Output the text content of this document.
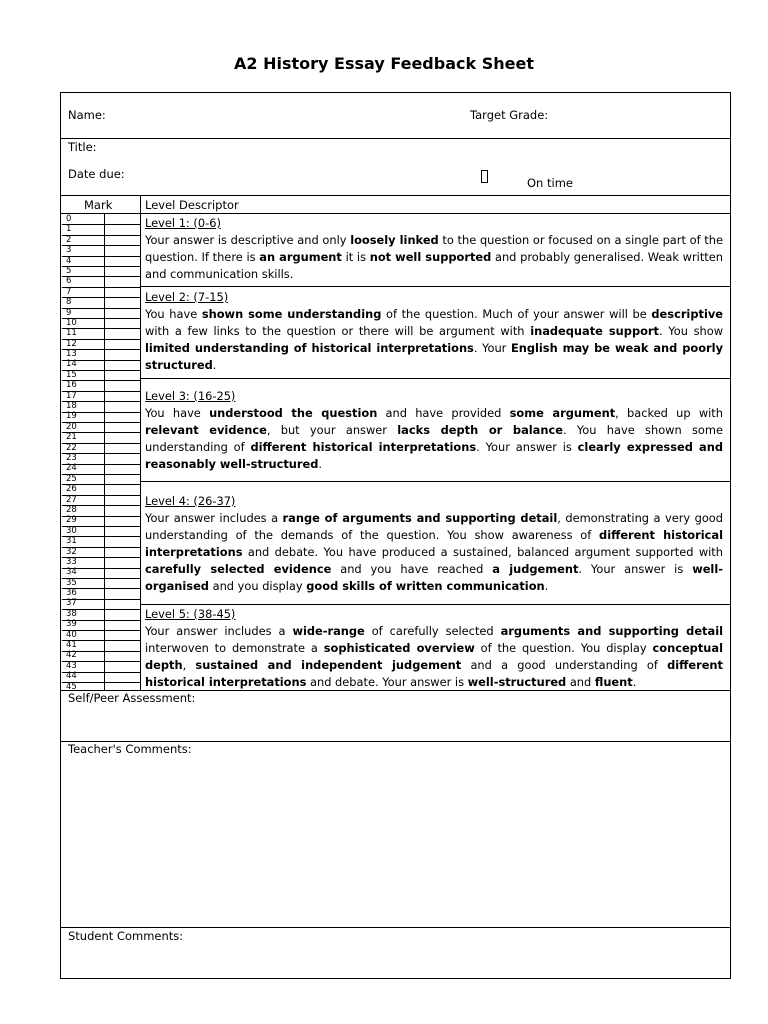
A2 History Essay Feedback Sheet
Name:	Target Grade:
Title:
Date due:
On time
Mark	Level Descriptor
0
1
2
3
4
5
6
7
8
9
10
11
12
13
14
15
16
17
18
19
20
21
22
23
24
25
26
27
28
29
30
31
32
33
34
35
36
37
38
39
40
41
42
43
44
45
Level 1: (0-6)

Your answer is descriptive and only loosely linked to the question or focused on a single part of the question. If there is an argument it is not well supported and probably generalised. Weak written and communication skills.

Level 2: (7-15)

You have shown some understanding of the question. Much of your answer will be descriptive with a few links to the question or there will be argument with inadequate support. You show limited understanding of historical interpretations. Your English may be weak and poorly structured.

Level 3: (16-25)

You have understood the question and have provided some argument, backed up with relevant evidence, but your answer lacks depth or balance. You have shown some understanding of different historical interpretations. Your answer is clearly expressed and reasonably well-structured.

Level 4: (26-37)

Your answer includes a range of arguments and supporting detail, demonstrating a very good understanding of the demands of the question. You show awareness of different historical interpretations and debate. You have produced a sustained, balanced argument supported with carefully selected evidence and you have reached a judgement. Your answer is well-organised and you display good skills of written communication.

Level 5: (38-45)

Your answer includes a wide-range of carefully selected arguments and supporting detail interwoven to demonstrate a sophisticated overview of the question. You display conceptual depth, sustained and independent judgement and a good understanding of different historical interpretations and debate. Your answer is well-structured and fluent.

Self/Peer Assessment:
Teacher's Comments:
Student Comments:
